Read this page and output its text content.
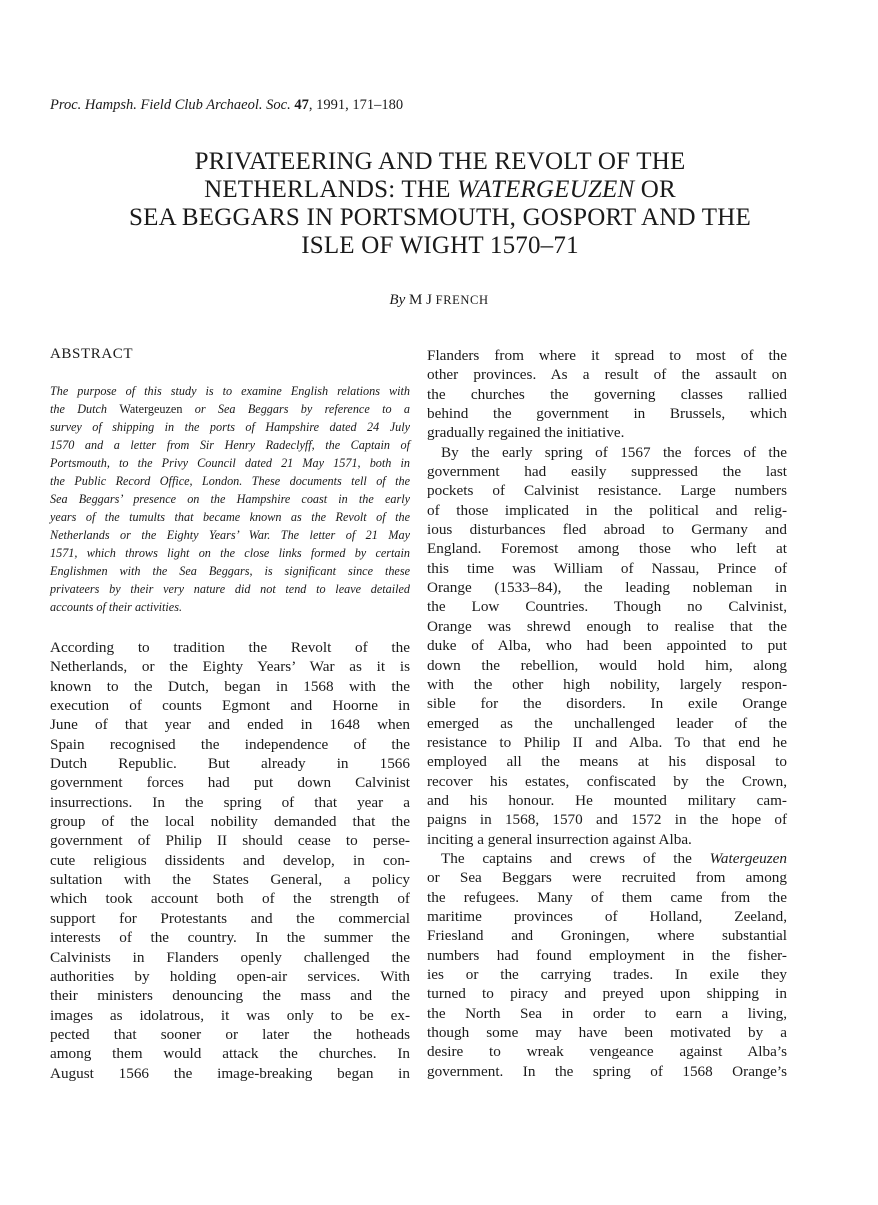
Proc. Hampsh. Field Club Archaeol. Soc. 47, 1991, 171–180
PRIVATEERING AND THE REVOLT OF THE
NETHERLANDS: THE WATERGEUZEN OR
SEA BEGGARS IN PORTSMOUTH, GOSPORT AND THE
ISLE OF WIGHT 1570–71
By M J FRENCH
ABSTRACT
The purpose of this study is to examine English relations with
the Dutch Watergeuzen or Sea Beggars by reference to a
survey of shipping in the ports of Hampshire dated 24 July
1570 and a letter from Sir Henry Radeclyff, the Captain of
Portsmouth, to the Privy Council dated 21 May 1571, both in
the Public Record Office, London. These documents tell of the
Sea Beggars’ presence on the Hampshire coast in the early
years of the tumults that became known as the Revolt of the
Netherlands or the Eighty Years’ War. The letter of 21 May
1571, which throws light on the close links formed by certain
Englishmen with the Sea Beggars, is significant since these
privateers by their very nature did not tend to leave detailed
accounts of their activities.
According to tradition the Revolt of the
Netherlands, or the Eighty Years’ War as it is
known to the Dutch, began in 1568 with the
execution of counts Egmont and Hoorne in
June of that year and ended in 1648 when
Spain recognised the independence of the
Dutch Republic. But already in 1566
government forces had put down Calvinist
insurrections. In the spring of that year a
group of the local nobility demanded that the
government of Philip II should cease to perse-
cute religious dissidents and develop, in con-
sultation with the States General, a policy
which took account both of the strength of
support for Protestants and the commercial
interests of the country. In the summer the
Calvinists in Flanders openly challenged the
authorities by holding open-air services. With
their ministers denouncing the mass and the
images as idolatrous, it was only to be ex-
pected that sooner or later the hotheads
among them would attack the churches. In
August 1566 the image-breaking began in
Flanders from where it spread to most of the
other provinces. As a result of the assault on
the churches the governing classes rallied
behind the government in Brussels, which
gradually regained the initiative.
By the early spring of 1567 the forces of the
government had easily suppressed the last
pockets of Calvinist resistance. Large numbers
of those implicated in the political and relig-
ious disturbances fled abroad to Germany and
England. Foremost among those who left at
this time was William of Nassau, Prince of
Orange (1533–84), the leading nobleman in
the Low Countries. Though no Calvinist,
Orange was shrewd enough to realise that the
duke of Alba, who had been appointed to put
down the rebellion, would hold him, along
with the other high nobility, largely respon-
sible for the disorders. In exile Orange
emerged as the unchallenged leader of the
resistance to Philip II and Alba. To that end he
employed all the means at his disposal to
recover his estates, confiscated by the Crown,
and his honour. He mounted military cam-
paigns in 1568, 1570 and 1572 in the hope of
inciting a general insurrection against Alba.
The captains and crews of the Watergeuzen
or Sea Beggars were recruited from among
the refugees. Many of them came from the
maritime provinces of Holland, Zeeland,
Friesland and Groningen, where substantial
numbers had found employment in the fisher-
ies or the carrying trades. In exile they
turned to piracy and preyed upon shipping in
the North Sea in order to earn a living,
though some may have been motivated by a
desire to wreak vengeance against Alba’s
government. In the spring of 1568 Orange’s
